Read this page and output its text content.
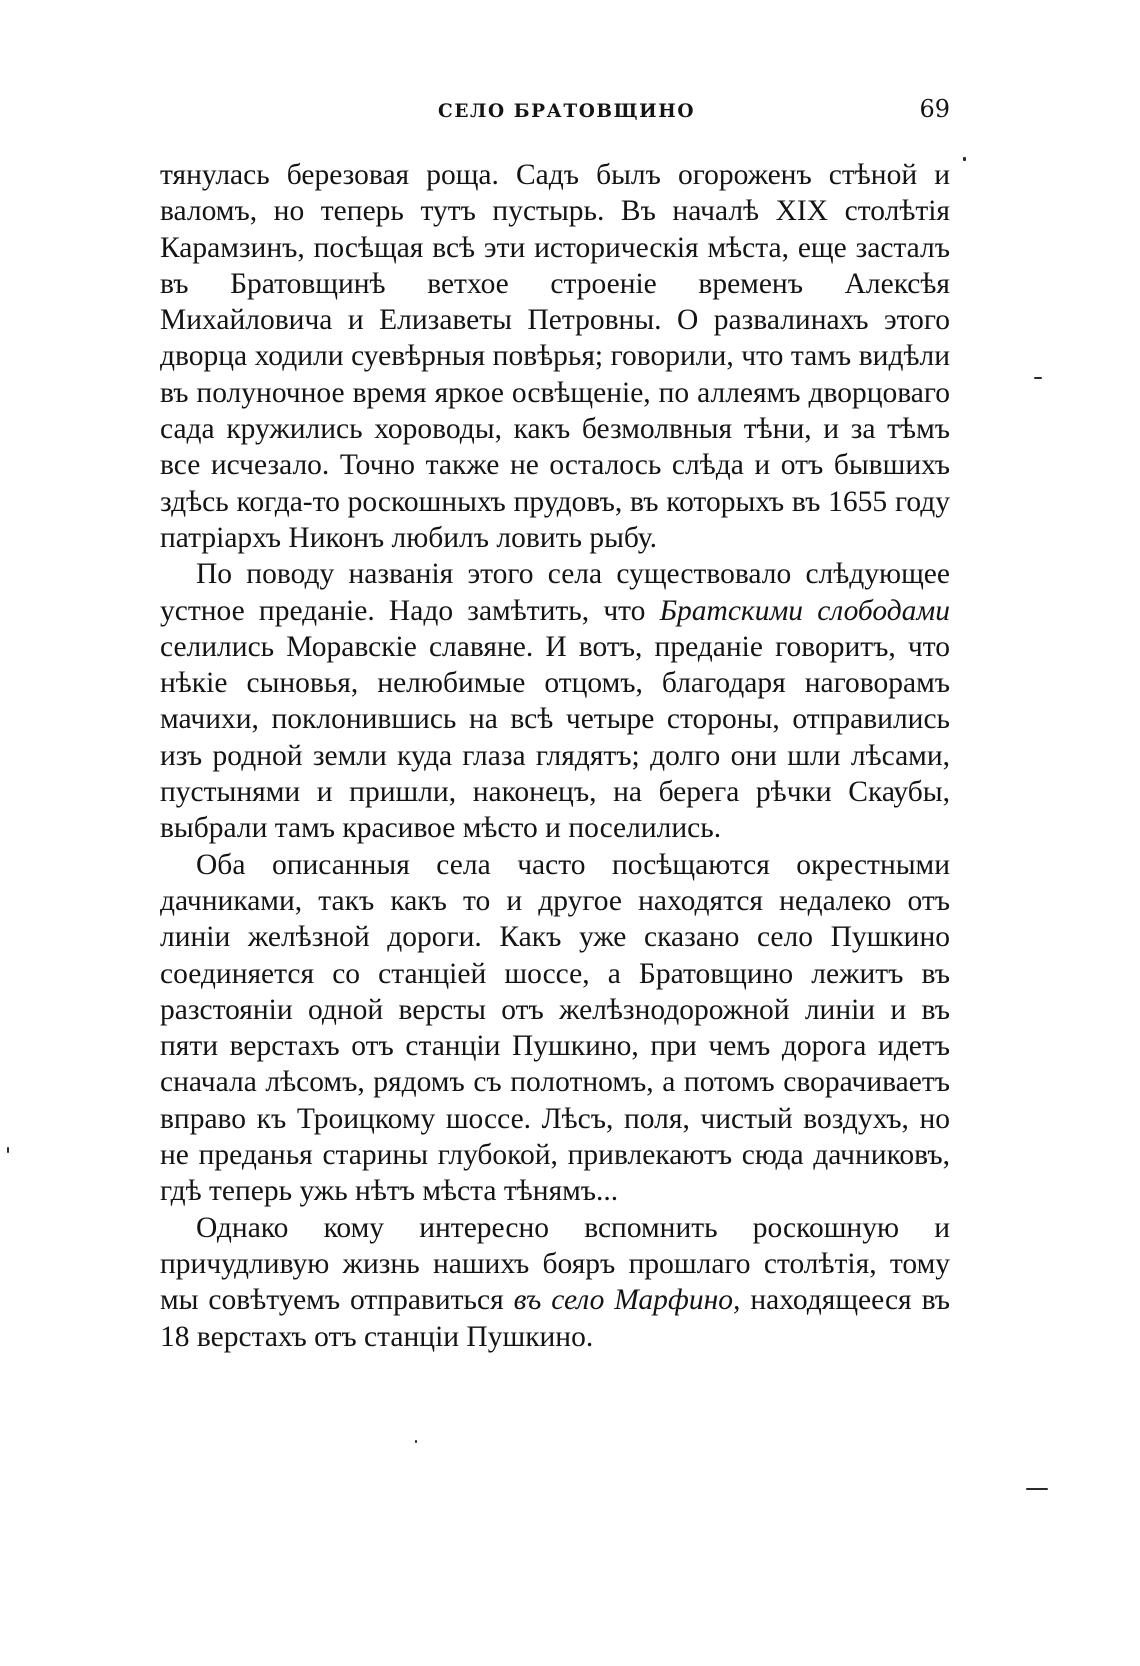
СЕЛО БРАТОВЩИНО	69

тянулась березовая роща. Садъ былъ огороженъ стѣной и валомъ, но теперь тутъ пустырь. Въ началѣ XIX столѣтія Карамзинъ, посѣщая всѣ эти историческія мѣста, еще засталъ въ Братовщинѣ ветхое строеніе временъ Алексѣя Михайловича и Елизаветы Петровны. О развалинахъ этого дворца ходили суевѣрныя повѣрья; говорили, что тамъ видѣли въ полуночное время яркое освѣщеніе, по аллеямъ дворцоваго сада кружились хороводы, какъ безмолвныя тѣни, и за тѣмъ все исчезало. Точно также не осталось слѣда и отъ бывшихъ здѣсь когда-то роскошныхъ прудовъ, въ которыхъ въ 1655 году патріархъ Никонъ любилъ ловить рыбу.

По поводу названія этого села существовало слѣдующее устное преданіе. Надо замѣтить, что Братскими слободами селились Моравскіе славяне. И вотъ, преданіе говоритъ, что нѣкіе сыновья, нелюбимые отцомъ, благодаря наговорамъ мачихи, поклонившись на всѣ четыре стороны, отправились изъ родной земли куда глаза глядятъ; долго они шли лѣсами, пустынями и пришли, наконецъ, на берега рѣчки Скаубы, выбрали тамъ красивое мѣсто и поселились.

Оба описанныя села часто посѣщаются окрестными дачниками, такъ какъ то и другое находятся недалеко отъ линіи желѣзной дороги. Какъ уже сказано село Пушкино соединяется со станціей шоссе, а Братовщино лежитъ въ разстояніи одной версты отъ желѣзнодорожной линіи и въ пяти верстахъ отъ станціи Пушкино, при чемъ дорога идетъ сначала лѣсомъ, рядомъ съ полотномъ, а потомъ сворачиваетъ вправо къ Троицкому шоссе. Лѣсъ, поля, чистый воздухъ, но не преданья старины глубокой, привлекаютъ сюда дачниковъ, гдѣ теперь ужь нѣтъ мѣста тѣнямъ...

Однако кому интересно вспомнить роскошную и причудливую жизнь нашихъ бояръ прошлаго столѣтія, тому мы совѣтуемъ отправиться въ село Марфино, находящееся въ 18 верстахъ отъ станціи Пушкино.
